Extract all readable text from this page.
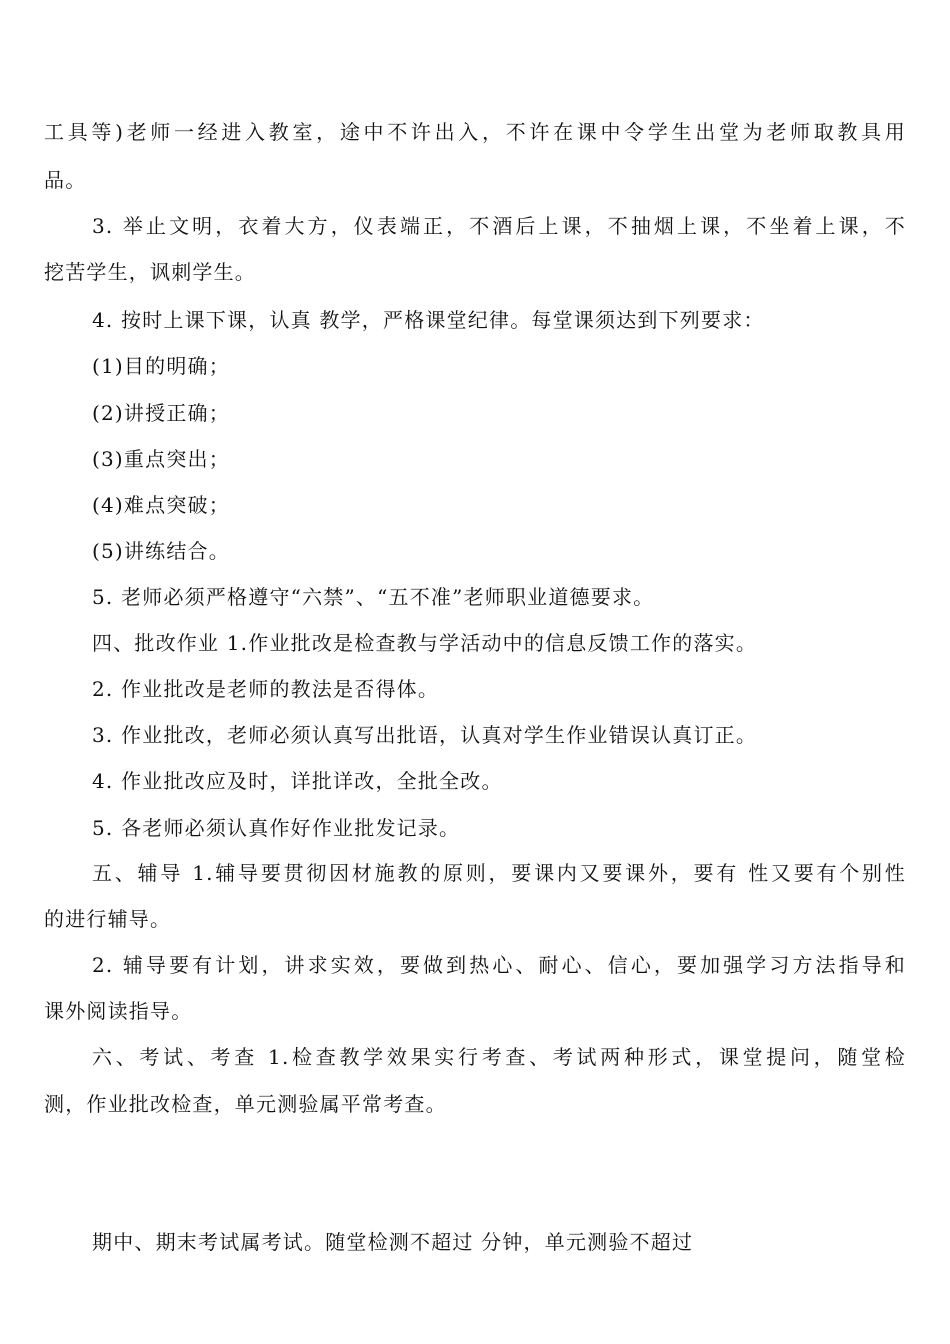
工具等)老师一经进入教室，途中不许出入，不许在课中令学生出堂为老师取教具用
品。
3. 举止文明，衣着大方，仪表端正，不酒后上课，不抽烟上课，不坐着上课，不
挖苦学生，讽刺学生。
4. 按时上课下课，认真 教学，严格课堂纪律。每堂课须达到下列要求：
(1)目的明确；
(2)讲授正确；
(3)重点突出；
(4)难点突破；
(5)讲练结合。
5. 老师必须严格遵守“六禁”、“五不准”老师职业道德要求。
四、批改作业 1.作业批改是检查教与学活动中的信息反馈工作的落实。
2. 作业批改是老师的教法是否得体。
3. 作业批改，老师必须认真写出批语，认真对学生作业错误认真订正。
4. 作业批改应及时，详批详改，全批全改。
5. 各老师必须认真作好作业批发记录。
五、辅导 1.辅导要贯彻因材施教的原则，要课内又要课外，要有 性又要有个别性
的进行辅导。
2. 辅导要有计划，讲求实效，要做到热心、耐心、信心，要加强学习方法指导和
课外阅读指导。
六、考试、考查 1.检查教学效果实行考查、考试两种形式，课堂提问，随堂检
测，作业批改检查，单元测验属平常考查。
期中、期末考试属考试。随堂检测不超过 分钟，单元测验不超过
